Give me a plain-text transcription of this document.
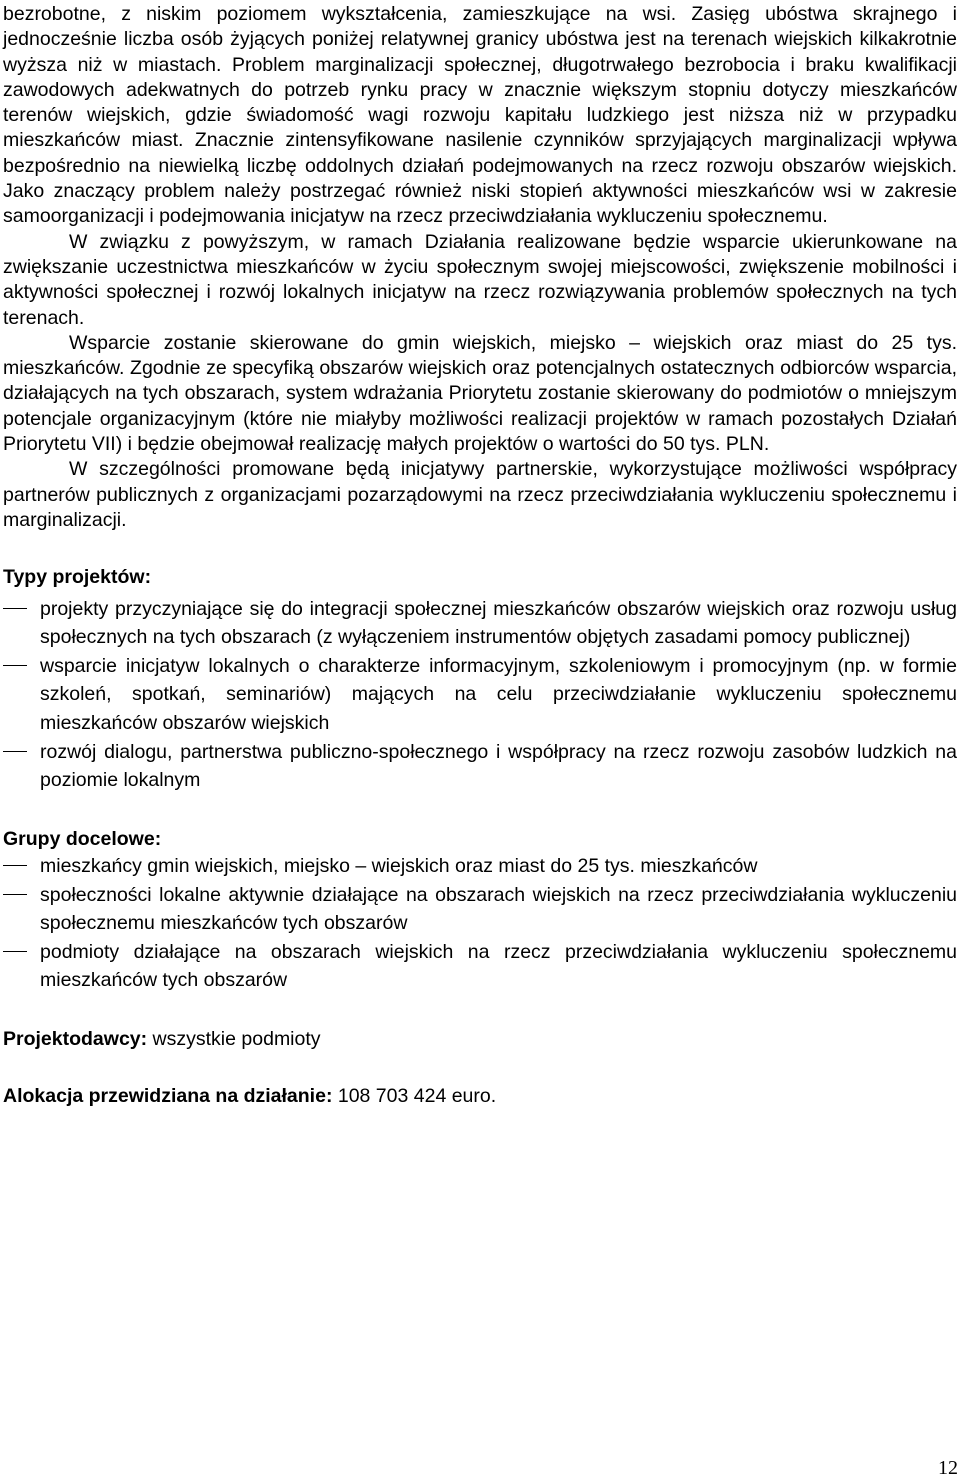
bezrobotne, z niskim poziomem wykształcenia, zamieszkujące na wsi. Zasięg ubóstwa skrajnego i jednocześnie liczba osób żyjących poniżej relatywnej granicy ubóstwa jest na terenach wiejskich kilkakrotnie wyższa niż w miastach. Problem marginalizacji społecznej, długotrwałego bezrobocia i braku kwalifikacji zawodowych adekwatnych do potrzeb rynku pracy w znacznie większym stopniu dotyczy mieszkańców terenów wiejskich, gdzie świadomość wagi rozwoju kapitału ludzkiego jest niższa niż w przypadku mieszkańców miast. Znacznie zintensyfikowane nasilenie czynników sprzyjających marginalizacji wpływa bezpośrednio na niewielką liczbę oddolnych działań podejmowanych na rzecz rozwoju obszarów wiejskich. Jako znaczący problem należy postrzegać również niski stopień aktywności mieszkańców wsi w zakresie samoorganizacji i podejmowania inicjatyw na rzecz przeciwdziałania wykluczeniu społecznemu.

W związku z powyższym, w ramach Działania realizowane będzie wsparcie ukierunkowane na zwiększanie uczestnictwa mieszkańców w życiu społecznym swojej miejscowości, zwiększenie mobilności i aktywności społecznej i rozwój lokalnych inicjatyw na rzecz rozwiązywania problemów społecznych na tych terenach.

Wsparcie zostanie skierowane do gmin wiejskich, miejsko – wiejskich oraz miast do 25 tys. mieszkańców. Zgodnie ze specyfiką obszarów wiejskich oraz potencjalnych ostatecznych odbiorców wsparcia, działających na tych obszarach, system wdrażania Priorytetu zostanie skierowany do podmiotów o mniejszym potencjale organizacyjnym (które nie miałyby możliwości realizacji projektów w ramach pozostałych Działań Priorytetu VII) i będzie obejmował realizację małych projektów o wartości do 50 tys. PLN.

W szczególności promowane będą inicjatywy partnerskie, wykorzystujące możliwości współpracy partnerów publicznych z organizacjami pozarządowymi na rzecz przeciwdziałania wykluczeniu społecznemu i marginalizacji.

Typy projektów:

projekty przyczyniające się do integracji społecznej mieszkańców obszarów wiejskich oraz rozwoju usług społecznych na tych obszarach (z wyłączeniem instrumentów objętych zasadami pomocy publicznej)
wsparcie inicjatyw lokalnych o charakterze informacyjnym, szkoleniowym i promocyjnym (np. w formie szkoleń, spotkań, seminariów) mających na celu przeciwdziałanie wykluczeniu społecznemu mieszkańców obszarów wiejskich
rozwój dialogu, partnerstwa publiczno-społecznego i współpracy na rzecz rozwoju zasobów ludzkich na poziomie lokalnym

Grupy docelowe:

mieszkańcy gmin wiejskich, miejsko – wiejskich oraz miast do 25 tys. mieszkańców
społeczności lokalne aktywnie działające na obszarach wiejskich na rzecz przeciwdziałania wykluczeniu społecznemu mieszkańców tych obszarów
podmioty działające na obszarach wiejskich na rzecz przeciwdziałania wykluczeniu społecznemu mieszkańców tych obszarów

Projektodawcy: wszystkie podmioty

Alokacja przewidziana na działanie: 108 703 424 euro.

12
